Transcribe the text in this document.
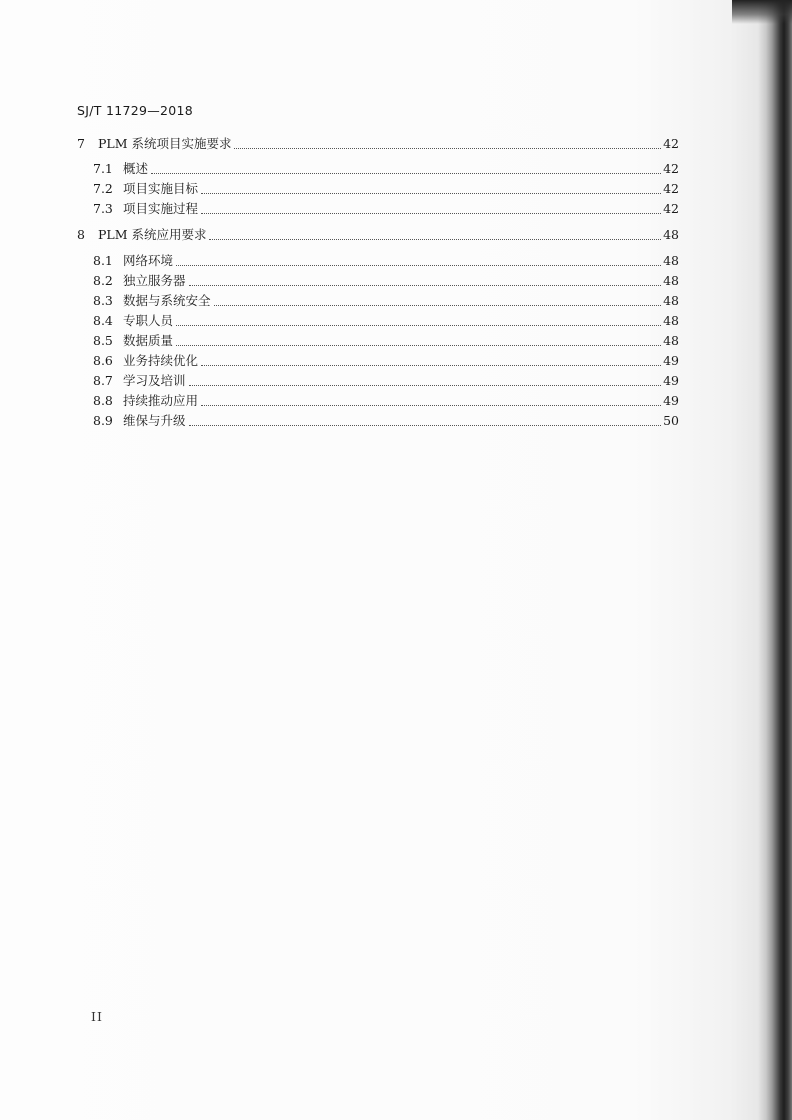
SJ/T 11729—2018
7	PLM 系统项目实施要求	42
7.1 概述	42
7.2 项目实施目标	42
7.3 项目实施过程	42
8	PLM 系统应用要求	48
8.1 网络环境	48
8.2 独立服务器	48
8.3 数据与系统安全	48
8.4 专职人员	48
8.5 数据质量	48
8.6 业务持续优化	49
8.7 学习及培训	49
8.8 持续推动应用	49
8.9 维保与升级	50
II
